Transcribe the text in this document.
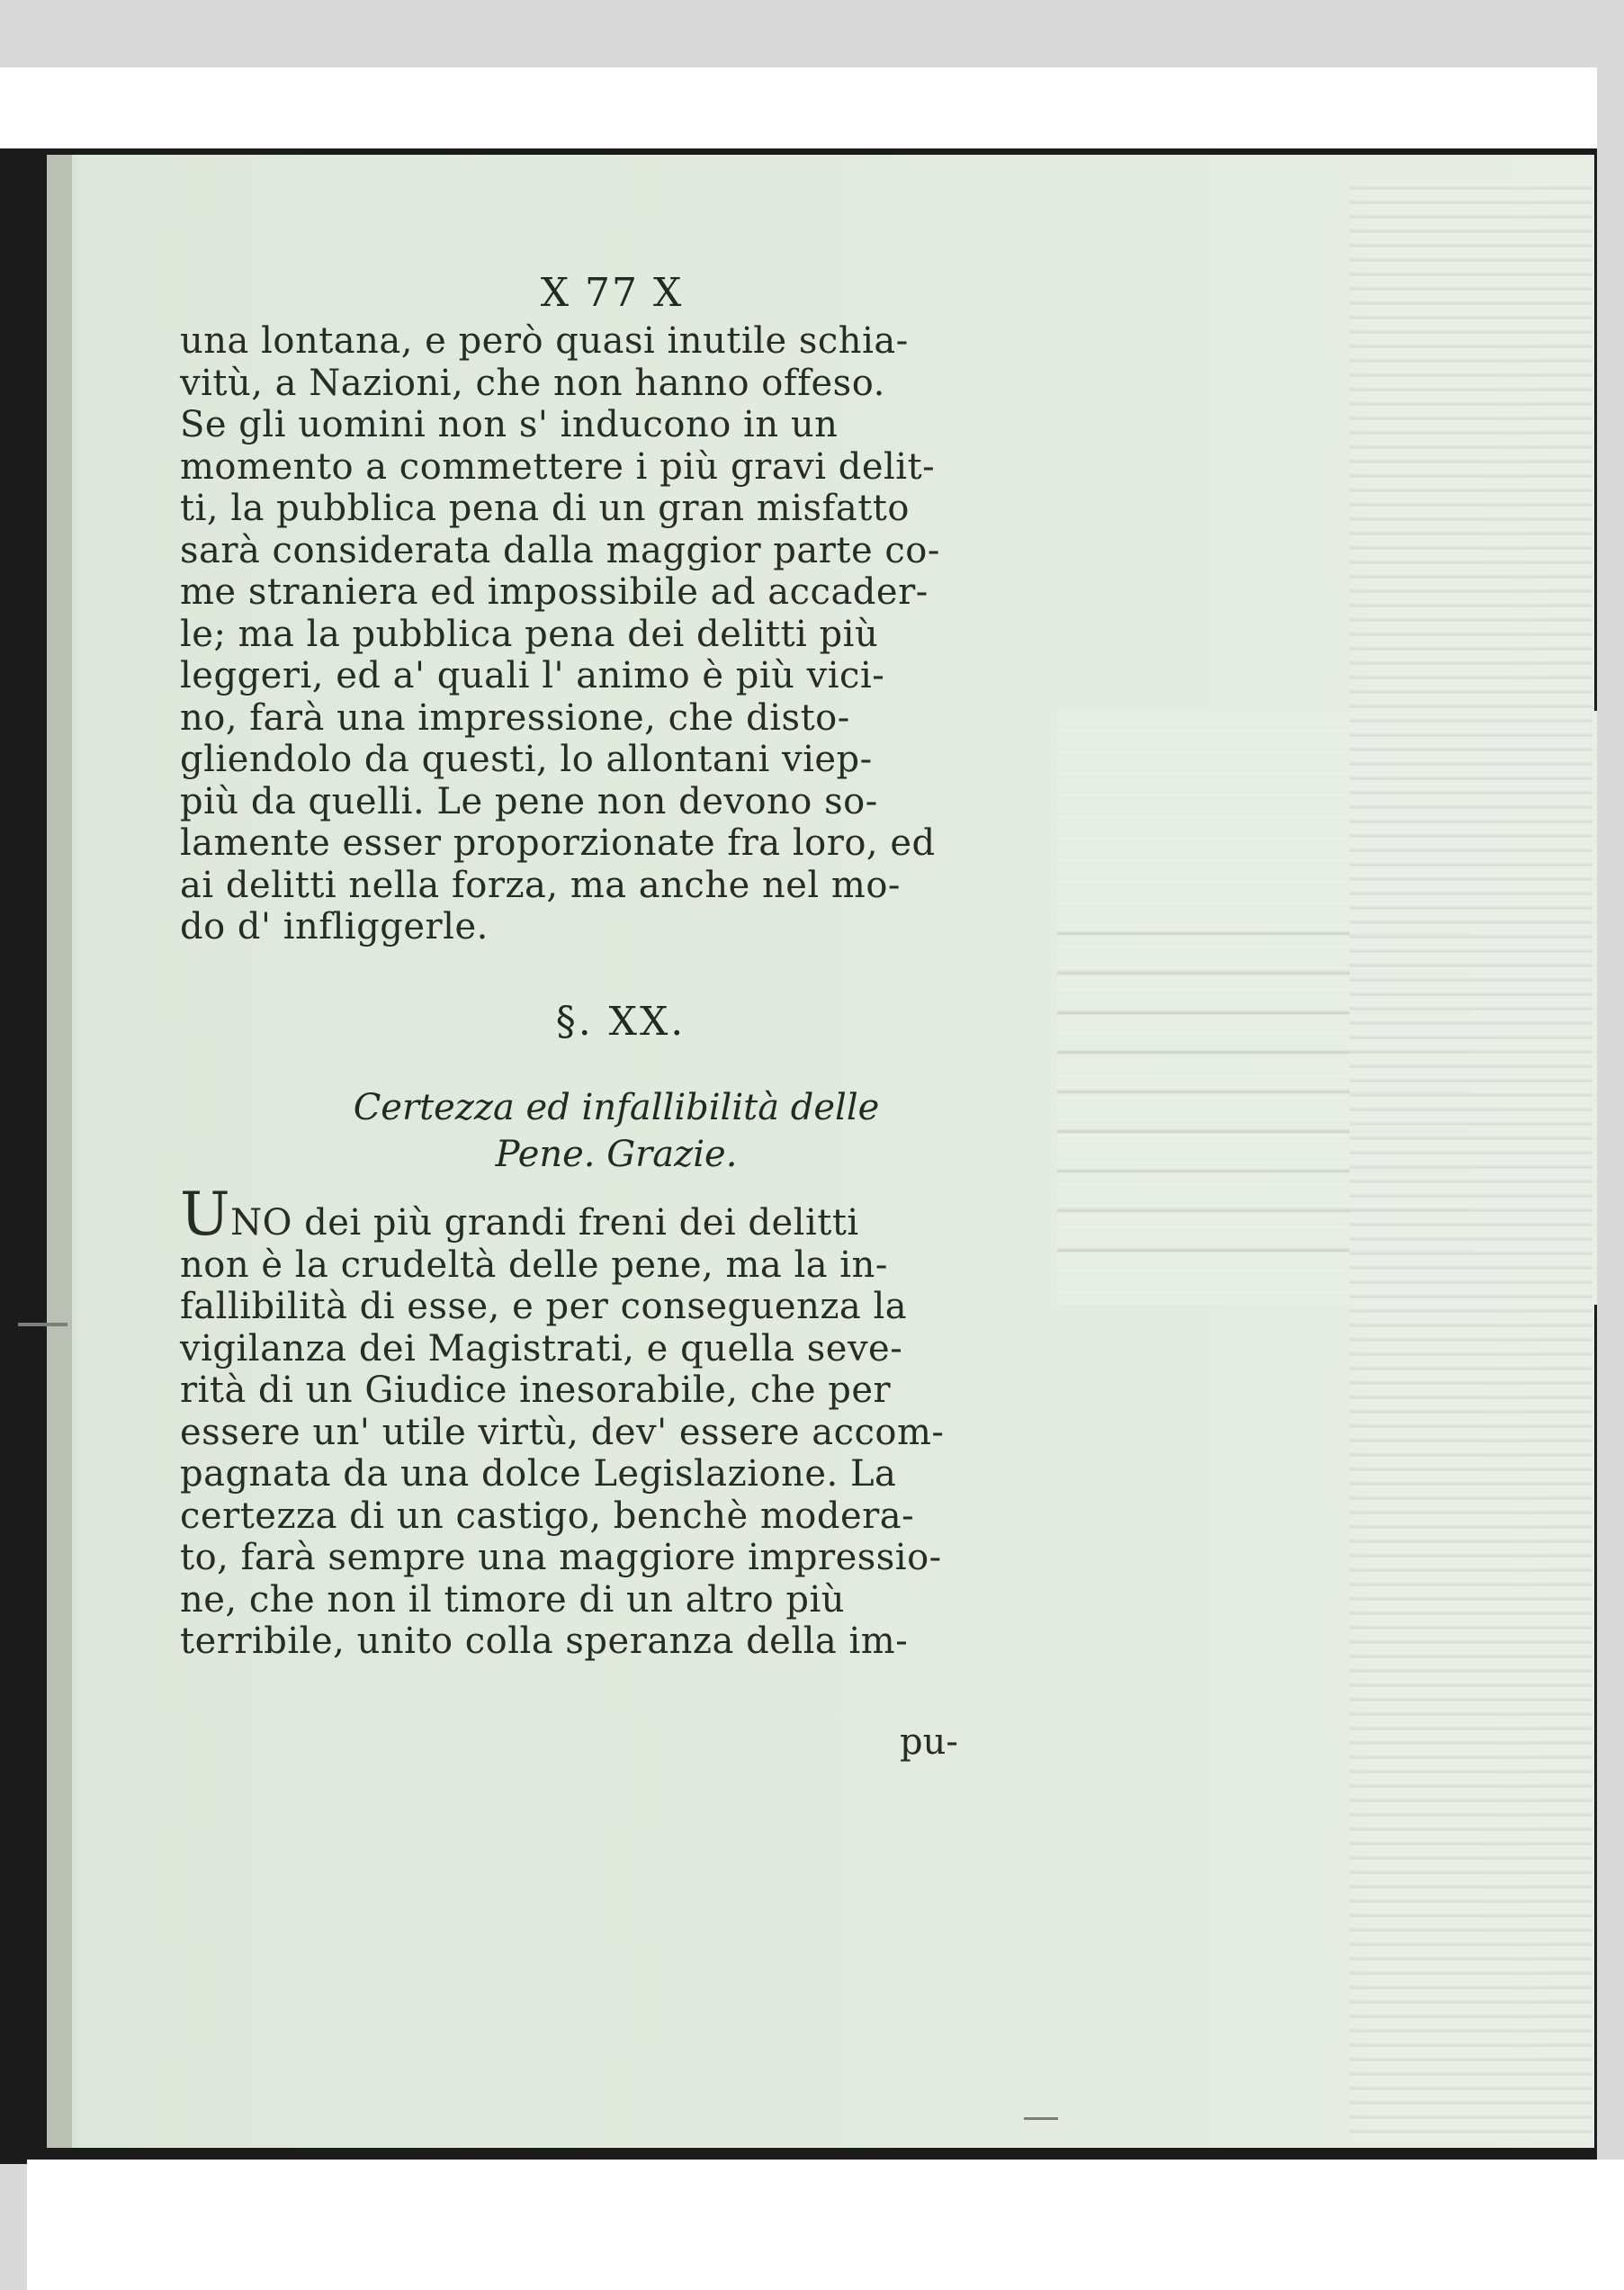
X 77 X
una lontana, e però quasi inutile schia-
vitù, a Nazioni, che non hanno offeso.
Se gli uomini non s' inducono in un
momento a commettere i più gravi delit-
ti, la pubblica pena di un gran misfatto
sarà considerata dalla maggior parte co-
me straniera ed impossibile ad accader-
le; ma la pubblica pena dei delitti più
leggeri, ed a' quali l' animo è più vici-
no, farà una impressione, che disto-
gliendolo da questi, lo allontani viep-
più da quelli. Le pene non devono so-
lamente esser proporzionate fra loro, ed
ai delitti nella forza, ma anche nel mo-
do d' infliggerle.
§. XX.
Certezza ed infallibilità delle
Pene. Grazie.
UNO dei più grandi freni dei delitti
non è la crudeltà delle pene, ma la in-
fallibilità di esse, e per conseguenza la
vigilanza dei Magistrati, e quella seve-
rità di un Giudice inesorabile, che per
essere un' utile virtù, dev' essere accom-
pagnata da una dolce Legislazione. La
certezza di un castigo, benchè modera-
to, farà sempre una maggiore impressio-
ne, che non il timore di un altro più
terribile, unito colla speranza della im-
pu-
